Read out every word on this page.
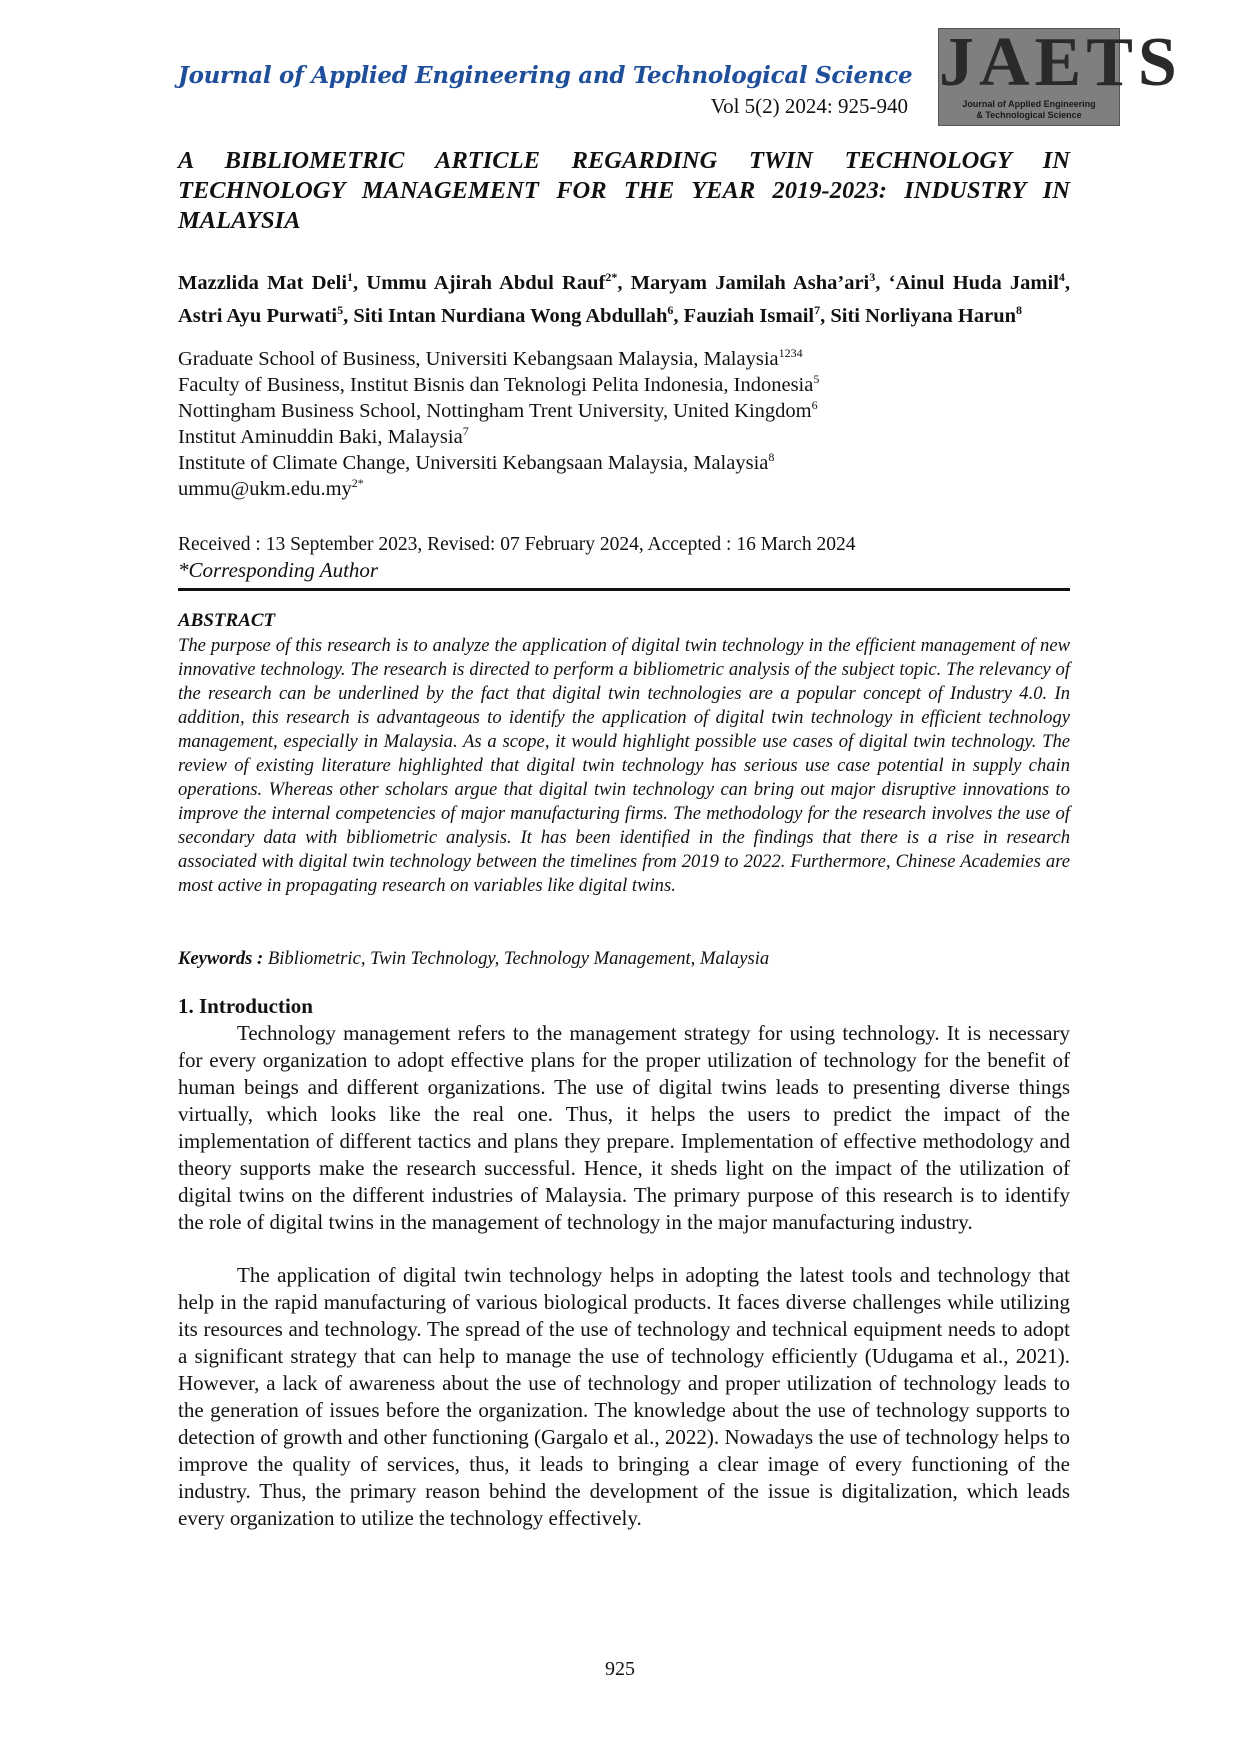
Journal of Applied Engineering and Technological Science
Vol 5(2) 2024: 925-940
JAETS
Journal of Applied Engineering
& Technological Science
A BIBLIOMETRIC ARTICLE REGARDING TWIN TECHNOLOGY IN TECHNOLOGY MANAGEMENT FOR THE YEAR 2019-2023: INDUSTRY IN MALAYSIA
Mazzlida Mat Deli$^1$, Ummu Ajirah Abdul Rauf$^{2*}$, Maryam Jamilah Asha’ari$^3$, ‘Ainul Huda Jamil$^4$, Astri Ayu Purwati$^5$, Siti Intan Nurdiana Wong Abdullah$^6$, Fauziah Ismail$^7$, Siti Norliyana Harun$^8$
Graduate School of Business, Universiti Kebangsaan Malaysia, Malaysia$^{1234}$
Faculty of Business, Institut Bisnis dan Teknologi Pelita Indonesia, Indonesia$^5$
Nottingham Business School, Nottingham Trent University, United Kingdom$^6$
Institut Aminuddin Baki, Malaysia$^7$
Institute of Climate Change, Universiti Kebangsaan Malaysia, Malaysia$^8$
$ummu@ukm.edu.my^{2*}$
Received : 13 September 2023, Revised: 07 February 2024, Accepted : 16 March 2024
*Corresponding Author
ABSTRACT
The purpose of this research is to analyze the application of digital twin technology in the efficient management of new innovative technology. The research is directed to perform a bibliometric analysis of the subject topic. The relevancy of the research can be underlined by the fact that digital twin technologies are a popular concept of Industry 4.0. In addition, this research is advantageous to identify the application of digital twin technology in efficient technology management, especially in Malaysia. As a scope, it would highlight possible use cases of digital twin technology. The review of existing literature highlighted that digital twin technology has serious use case potential in supply chain operations. Whereas other scholars argue that digital twin technology can bring out major disruptive innovations to improve the internal competencies of major manufacturing firms. The methodology for the research involves the use of secondary data with bibliometric analysis. It has been identified in the findings that there is a rise in research associated with digital twin technology between the timelines from 2019 to 2022. Furthermore, Chinese Academies are most active in propagating research on variables like digital twins.
Keywords : Bibliometric, Twin Technology, Technology Management, Malaysia
1. Introduction
Technology management refers to the management strategy for using technology. It is necessary for every organization to adopt effective plans for the proper utilization of technology for the benefit of human beings and different organizations. The use of digital twins leads to presenting diverse things virtually, which looks like the real one. Thus, it helps the users to predict the impact of the implementation of different tactics and plans they prepare. Implementation of effective methodology and theory supports make the research successful. Hence, it sheds light on the impact of the utilization of digital twins on the different industries of Malaysia. The primary purpose of this research is to identify the role of digital twins in the management of technology in the major manufacturing industry.
The application of digital twin technology helps in adopting the latest tools and technology that help in the rapid manufacturing of various biological products. It faces diverse challenges while utilizing its resources and technology. The spread of the use of technology and technical equipment needs to adopt a significant strategy that can help to manage the use of technology efficiently (Udugama et al., 2021). However, a lack of awareness about the use of technology and proper utilization of technology leads to the generation of issues before the organization. The knowledge about the use of technology supports to detection of growth and other functioning (Gargalo et al., 2022). Nowadays the use of technology helps to improve the quality of services, thus, it leads to bringing a clear image of every functioning of the industry. Thus, the primary reason behind the development of the issue is digitalization, which leads every organization to utilize the technology effectively.
925
